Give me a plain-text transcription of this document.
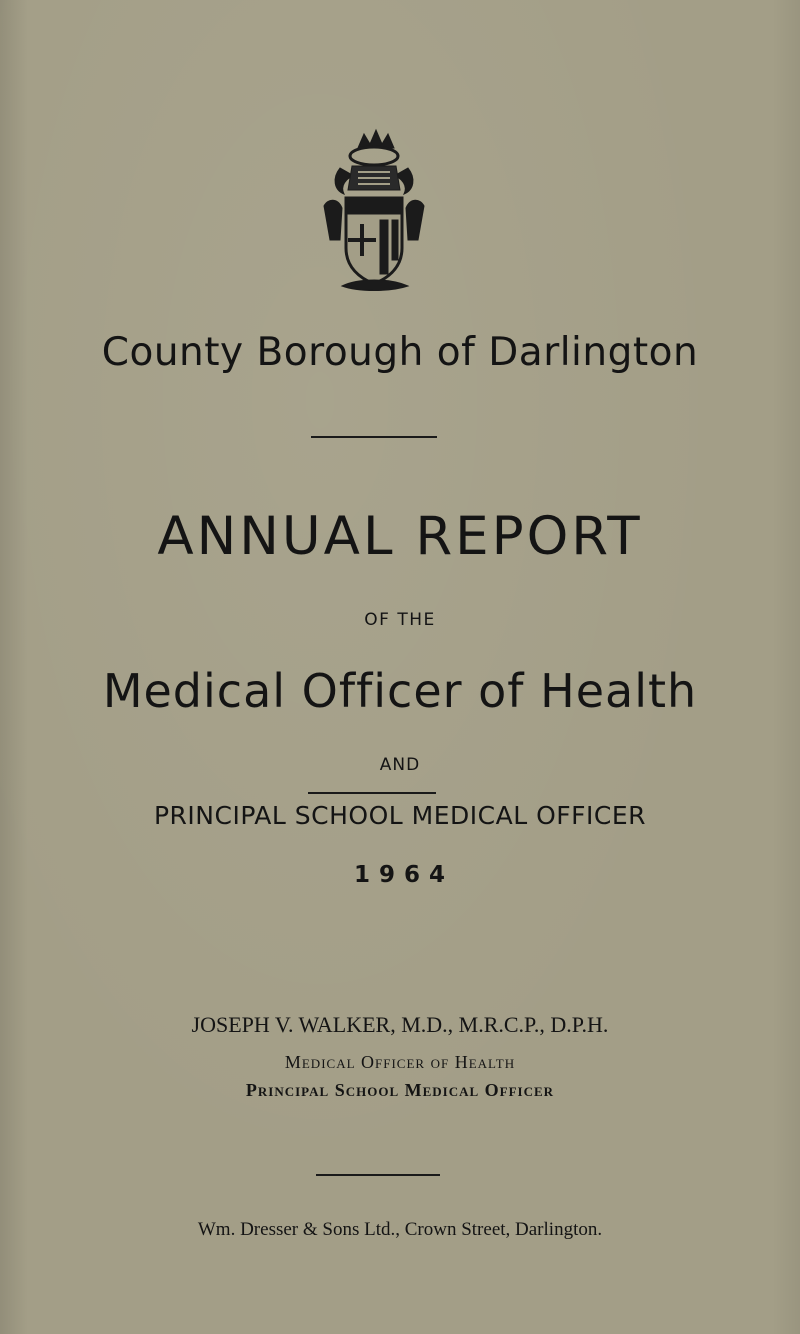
County Borough of Darlington
ANNUAL REPORT
OF THE
Medical Officer of Health
AND
PRINCIPAL SCHOOL MEDICAL OFFICER
1964
JOSEPH V. WALKER, M.D., M.R.C.P., D.P.H.
Medical Officer of Health
Principal School Medical Officer
Wm. Dresser & Sons Ltd., Crown Street, Darlington.
